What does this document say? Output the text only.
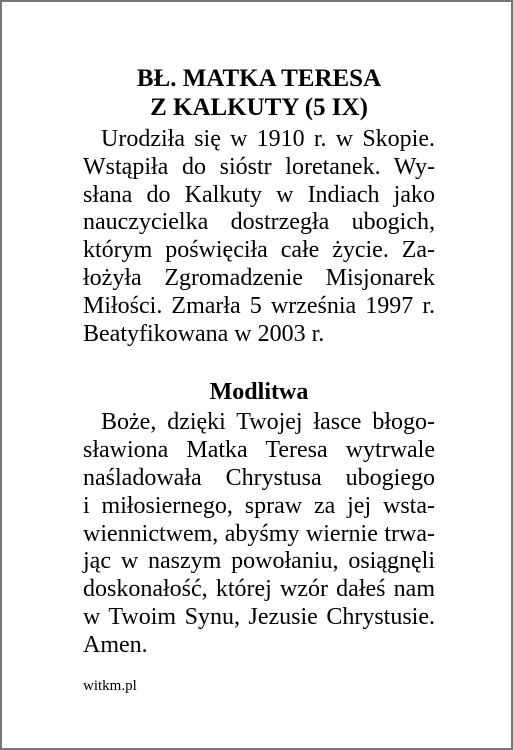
BŁ. MATKA TERESA
Z KALKUTY (5 IX)
Urodziła się w 1910 r. w Skopie.
Wstąpiła do sióstr loretanek. Wy-
słana do Kalkuty w Indiach jako
nauczycielka dostrzegła ubogich,
którym poświęciła całe życie. Za-
łożyła Zgromadzenie Misjonarek
Miłości. Zmarła 5 września 1997 r.
Beatyfikowana w 2003 r.
Modlitwa
Boże, dzięki Twojej łasce błogo-
sławiona Matka Teresa wytrwale
naśladowała Chrystusa ubogiego
i miłosiernego, spraw za jej wsta-
wiennictwem, abyśmy wiernie trwa-
jąc w naszym powołaniu, osiągnęli
doskonałość, której wzór dałeś nam
w Twoim Synu, Jezusie Chrystusie.
Amen.
witkm.pl
